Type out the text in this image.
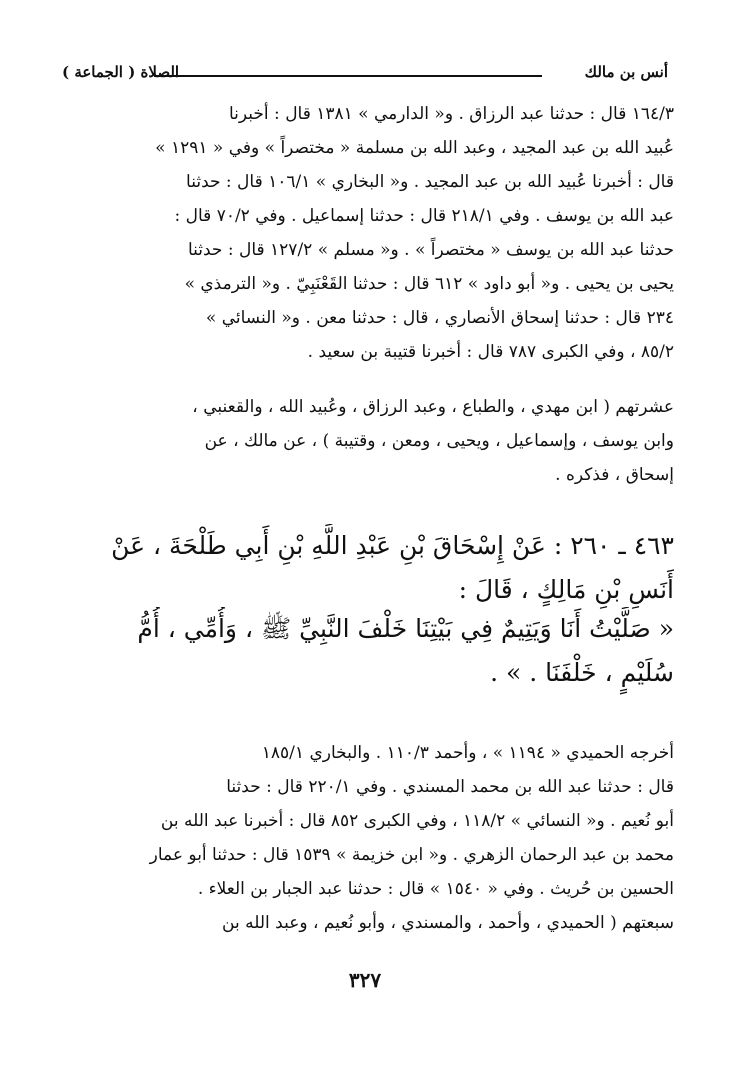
الصلاة ( الجماعة )	أنس بن مالك
١٦٤/٣ قال : حدثنا عبد الرزاق . و« الدارمي » ١٣٨١ قال : أخبرنا
عُبيد الله بن عبد المجيد ، وعبد الله بن مسلمة « مختصراً » وفي « ١٢٩١ »
قال : أخبرنا عُبيد الله بن عبد المجيد . و« البخاري » ١٠٦/١ قال : حدثنا
عبد الله بن يوسف . وفي ٢١٨/١ قال : حدثنا إسماعيل . وفي ٧٠/٢ قال :
حدثنا عبد الله بن يوسف « مختصراً » . و« مسلم » ١٢٧/٢ قال : حدثنا
يحيى بن يحيى . و« أبو داود » ٦١٢ قال : حدثنا القَعْنَبِيّ . و« الترمذي »
٢٣٤ قال : حدثنا إسحاق الأنصاري ، قال : حدثنا معن . و« النسائي »
٨٥/٢ ، وفي الكبرى ٧٨٧ قال : أخبرنا قتيبة بن سعيد .
عشرتهم ( ابن مهدي ، والطباع ، وعبد الرزاق ، وعُبيد الله ، والقعنبي ،
وابن يوسف ، وإسماعيل ، ويحيى ، ومعن ، وقتيبة ) ، عن مالك ، عن
إسحاق ، فذكره .
٤٦٣ ـ ٢٦٠ : عَنْ إِسْحَاقَ بْنِ عَبْدِ اللَّهِ بْنِ أَبِي طَلْحَةَ ، عَنْ
أَنَسِ بْنِ مَالِكٍ ، قَالَ :
« صَلَّيْتُ أَنَا وَيَتِيمٌ فِي بَيْتِنَا خَلْفَ النَّبِيِّ ﷺ ، وَأُمِّي ، أُمُّ
سُلَيْمٍ ، خَلْفَنَا . » .
أخرجه الحميدي « ١١٩٤ » ، وأحمد ١١٠/٣ . والبخاري ١٨٥/١
قال : حدثنا عبد الله بن محمد المسندي . وفي ٢٢٠/١ قال : حدثنا
أبو نُعيم . و« النسائي » ١١٨/٢ ، وفي الكبرى ٨٥٢ قال : أخبرنا عبد الله بن
محمد بن عبد الرحمان الزهري . و« ابن خزيمة » ١٥٣٩ قال : حدثنا أبو عمار
الحسين بن حُريث . وفي « ١٥٤٠ » قال : حدثنا عبد الجبار بن العلاء .
سبعتهم ( الحميدي ، وأحمد ، والمسندي ، وأبو نُعيم ، وعبد الله بن
٣٢٧
